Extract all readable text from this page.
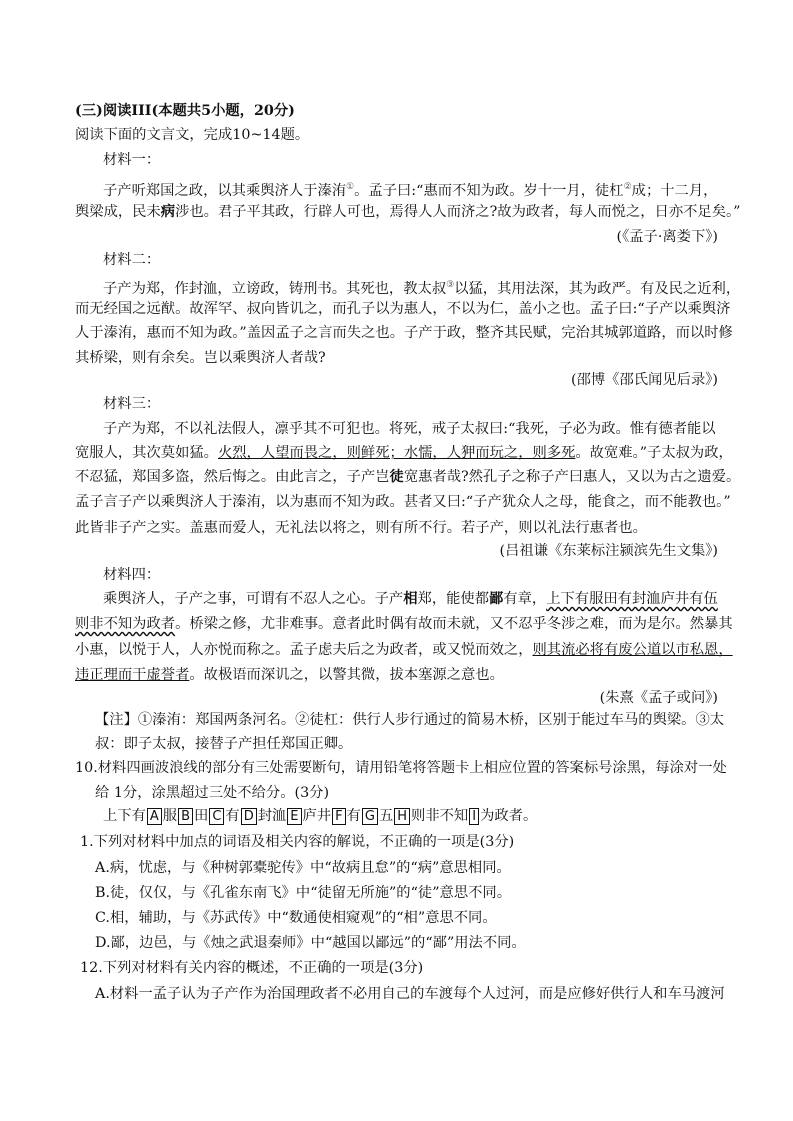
(三)阅读III(本题共5小题，20分)
阅读下面的文言文，完成10~14题。
材料一：
子产听郑国之政，以其乘舆济人于溱洧①。孟子曰:“惠而不知为政。岁十一月，徒杠②成；十二月，
舆梁成，民未病涉也。君子平其政，行辟人可也，焉得人人而济之?故为政者，每人而悦之，日亦不足矣。”
(《孟子·离娄下》)
材料二：
子产为郑，作封洫，立谤政，铸刑书。其死也，教太叔③以猛，其用法深，其为政严。有及民之近利，
而无经国之远猷。故浑罕、叔向皆讥之，而孔子以为惠人，不以为仁，盖小之也。孟子曰:“子产以乘舆济
人于溱洧，惠而不知为政。”盖因孟子之言而失之也。子产于政，整齐其民赋，完治其城郭道路，而以时修
其桥梁，则有余矣。岂以乘舆济人者哉?
(邵博《邵氏闻见后录》)
材料三：
子产为郑，不以礼法假人，凛乎其不可犯也。将死，戒子太叔曰:“我死，子必为政。惟有德者能以
宽服人，其次莫如猛。火烈，人望而畏之，则鲜死；水懦，人狎而玩之，则多死。故宽难。”子太叔为政，
不忍猛，郑国多盗，然后悔之。由此言之，子产岂徒宽惠者哉?然孔子之称子产曰惠人，又以为古之遗爱。
孟子言子产以乘舆济人于溱洧，以为惠而不知为政。甚者又曰:“子产犹众人之母，能食之，而不能教也。”
此皆非子产之实。盖惠而爱人，无礼法以将之，则有所不行。若子产，则以礼法行惠者也。
(吕祖谦《东莱标注颍滨先生文集》)
材料四：
乘舆济人，子产之事，可谓有不忍人之心。子产相郑，能使都鄙有章，上下有服田有封洫庐井有伍
则非不知为政者。桥梁之修，尤非难事。意者此时偶有故而未就，又不忍乎冬涉之难，而为是尔。然暴其
小惠，以悦于人，人亦悦而称之。孟子虑夫后之为政者，或又悦而效之，则其流必将有废公道以市私恩，
违正理而干虚誉者。故极语而深讥之，以警其微，拔本塞源之意也。
(朱熹《孟子或问》)
【注】①溱洧：郑国两条河名。②徒杠：供行人步行通过的简易木桥，区别于能过车马的舆梁。③太
叔：即子太叔，接替子产担任郑国正卿。
10.材料四画波浪线的部分有三处需要断句，请用铅笔将答题卡上相应位置的答案标号涂黑，每涂对一处
给 1分，涂黑超过三处不给分。(3分)
上下有 A 服 B 田 C 有 D 封洫 E 庐井 F 有 G 五 H 则非不知 I 为政者。
1.下列对材料中加点的词语及相关内容的解说，不正确的一项是(3分)
A.病，忧虑，与《种树郭橐驼传》中“故病且怠”的“病”意思相同。
B.徒，仅仅，与《孔雀东南飞》中“徒留无所施”的“徒”意思不同。
C.相，辅助，与《苏武传》中“数通使相窥观”的“相”意思不同。
D.鄙，边邑，与《烛之武退秦师》中“越国以鄙远”的“鄙”用法不同。
12.下列对材料有关内容的概述，不正确的一项是(3分)
A.材料一孟子认为子产作为治国理政者不必用自己的车渡每个人过河，而是应修好供行人和车马渡河
